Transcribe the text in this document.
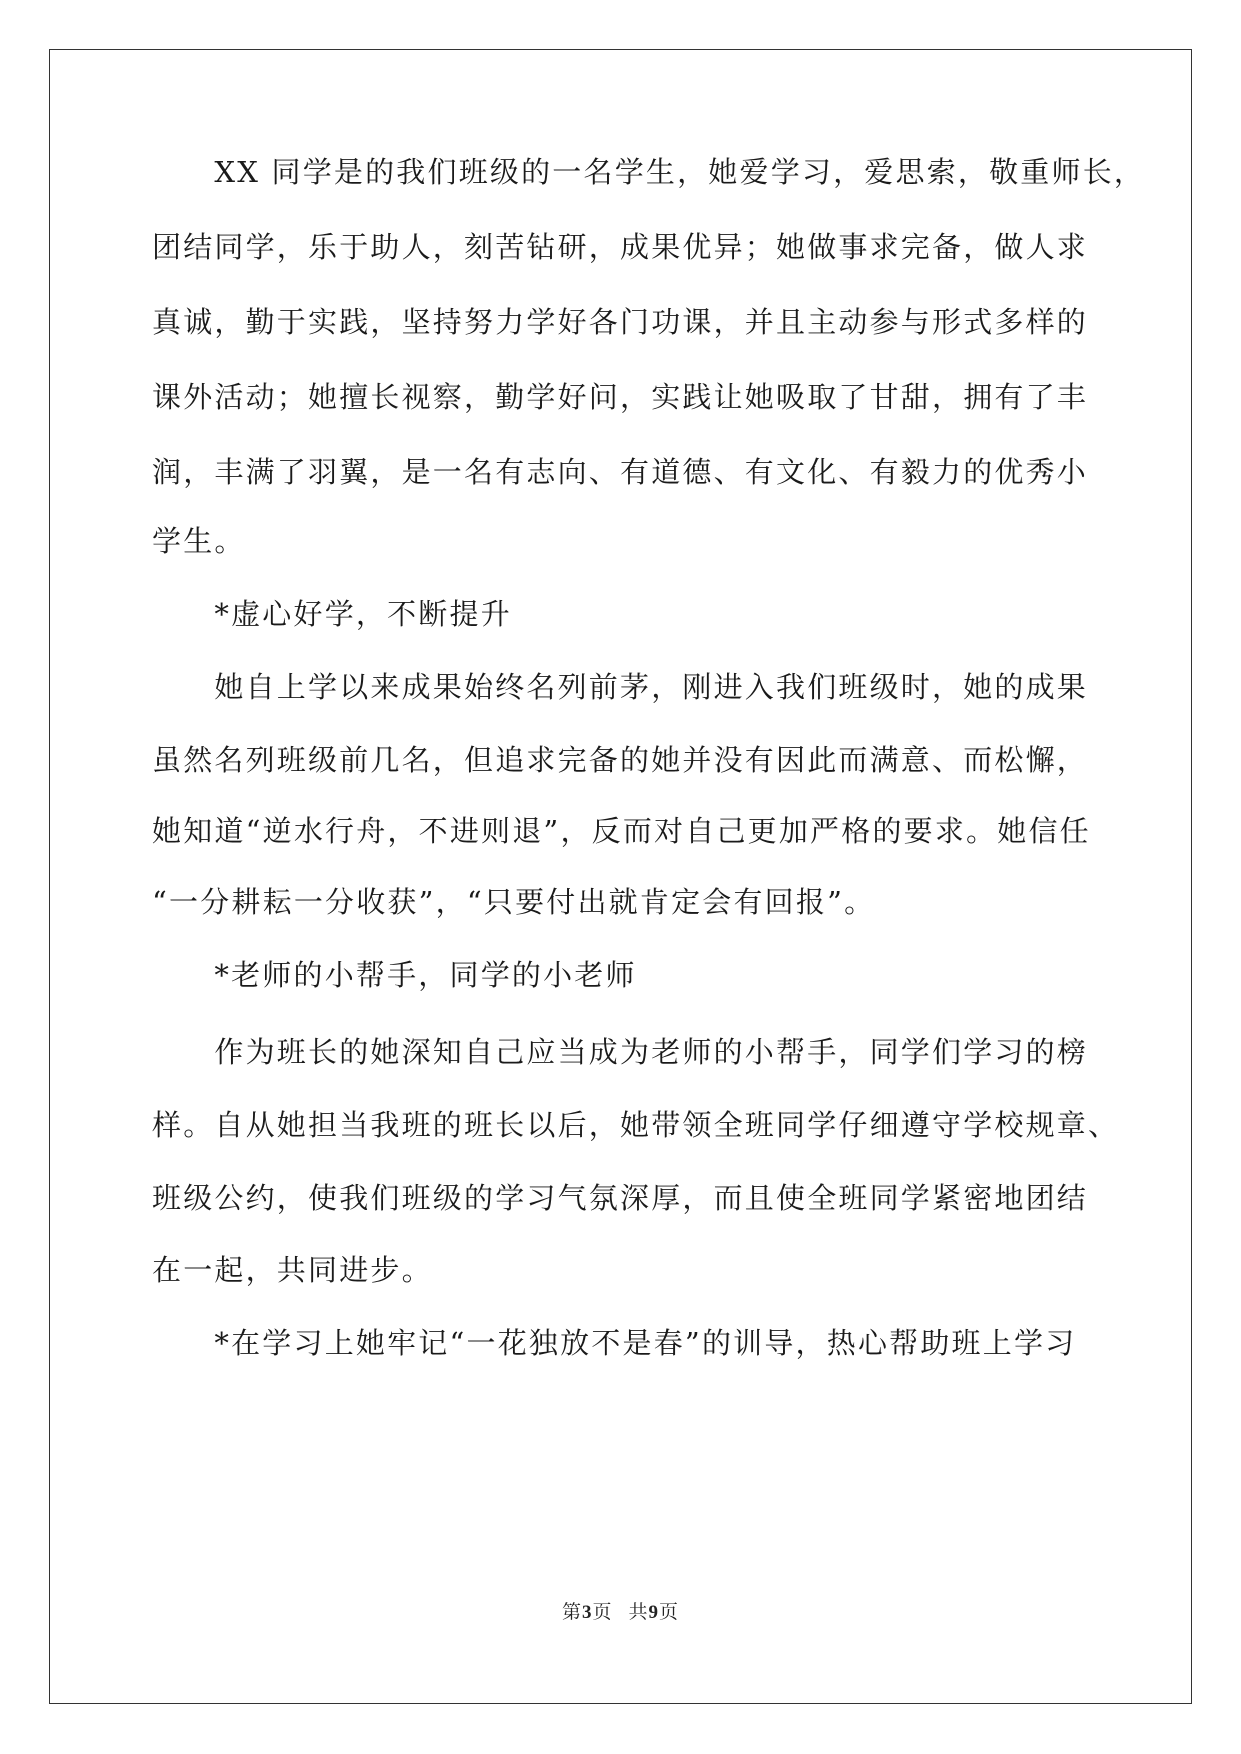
　　XX 同学是的我们班级的一名学生，她爱学习，爱思索，敬重师长，
团结同学，乐于助人，刻苦钻研，成果优异；她做事求完备，做人求
真诚，勤于实践，坚持努力学好各门功课，并且主动参与形式多样的
课外活动；她擅长视察，勤学好问，实践让她吸取了甘甜，拥有了丰
润，丰满了羽翼，是一名有志向、有道德、有文化、有毅力的优秀小
学生。
　　*虚心好学，不断提升
　　她自上学以来成果始终名列前茅，刚进入我们班级时，她的成果
虽然名列班级前几名，但追求完备的她并没有因此而满意、而松懈，
她知道“逆水行舟，不进则退”，反而对自己更加严格的要求。她信任
“一分耕耘一分收获”，“只要付出就肯定会有回报”。
　　*老师的小帮手，同学的小老师
　　作为班长的她深知自己应当成为老师的小帮手，同学们学习的榜
样。自从她担当我班的班长以后，她带领全班同学仔细遵守学校规章、
班级公约，使我们班级的学习气氛深厚，而且使全班同学紧密地团结
在一起，共同进步。
　　*在学习上她牢记“一花独放不是春”的训导，热心帮助班上学习
第3页 共9页
